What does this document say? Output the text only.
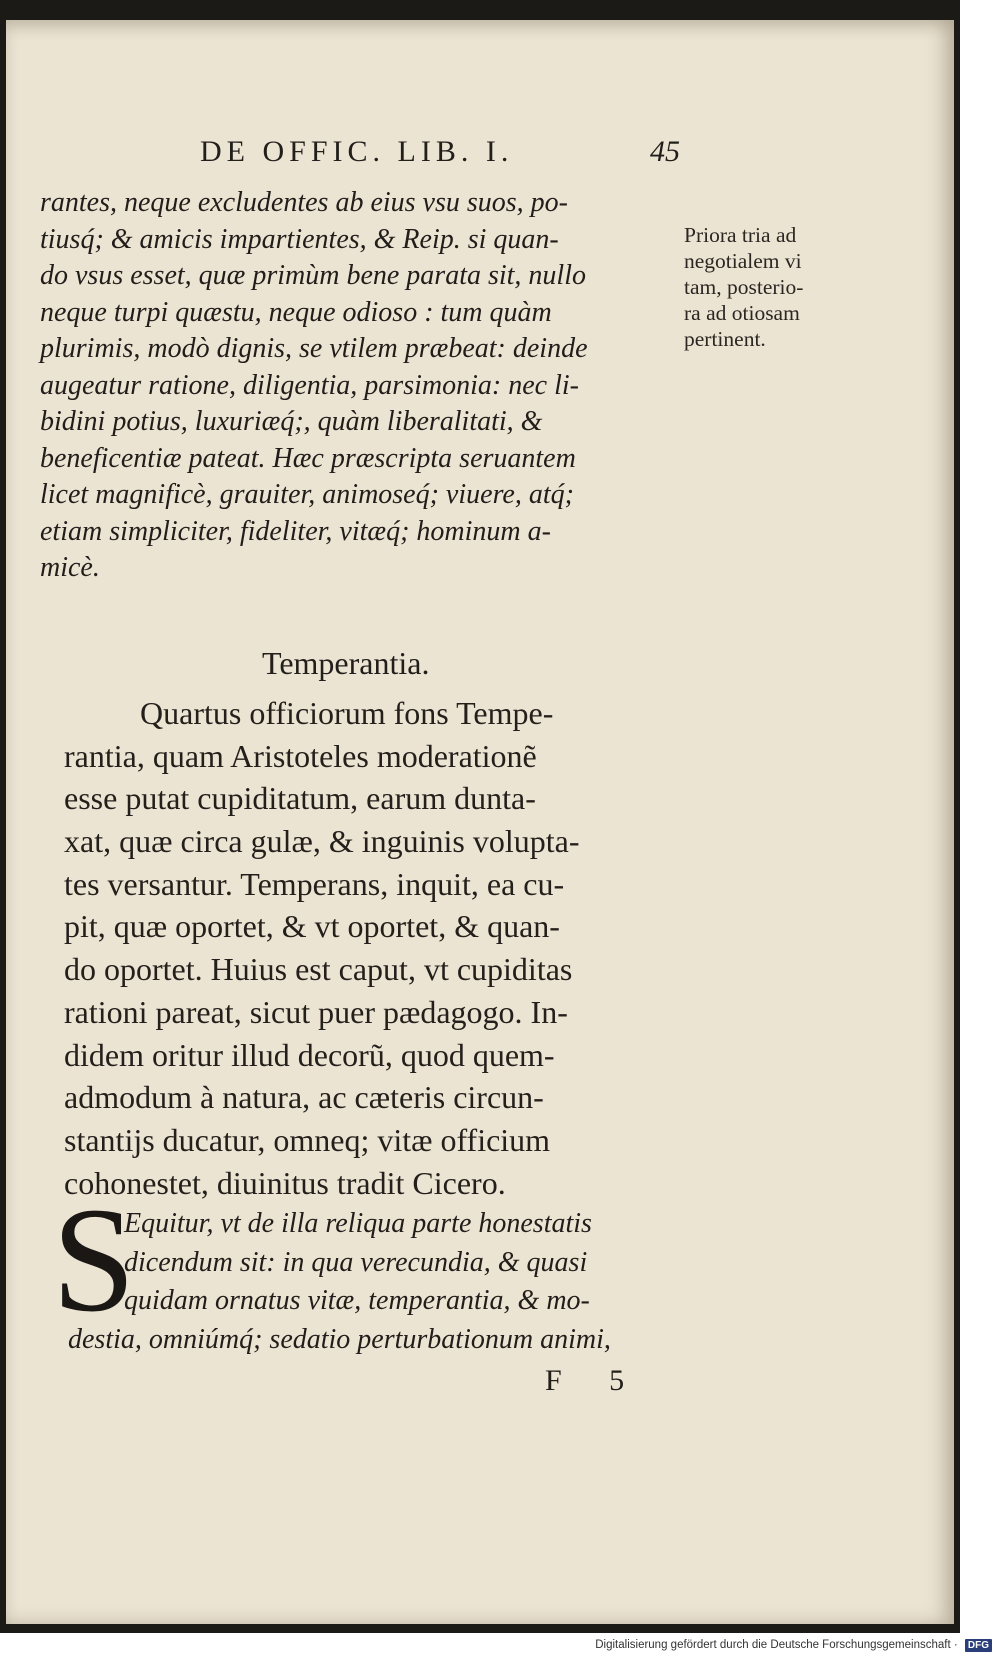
DE OFFIC. LIB. I.	45
rantes, neque excludentes ab eius vsu suos, po-
tiusq́; & amicis impartientes, & Reip. si quan-
do vsus esset, quæ primùm bene parata sit, nullo
neque turpi quæstu, neque odioso : tum quàm
plurimis, modò dignis, se vtilem præbeat: deinde
augeatur ratione, diligentia, parsimonia: nec li-
bidini potius, luxuriæq́;, quàm liberalitati, &
beneficentiæ pateat. Hæc præscripta seruantem
licet magnificè, grauiter, animoseq́; viuere, atq́;
etiam simpliciter, fideliter, vitæq́; hominum a-
micè.
Priora tria ad
negotialem vi
tam, posterio-
ra ad otiosam
pertinent.
Temperantia.
Quartus officiorum fons Tempe-
rantia, quam Aristoteles moderationẽ
esse putat cupiditatum, earum dunta-
xat, quæ circa gulæ, & inguinis volupta-
tes versantur. Temperans, inquit, ea cu-
pit, quæ oportet, & vt oportet, & quan-
do oportet. Huius est caput, vt cupiditas
rationi pareat, sicut puer pædagogo. In-
didem oritur illud decorũ, quod quem-
admodum à natura, ac cæteris circun-
stantijs ducatur, omneq; vitæ officium
cohonestet, diuinitus tradit Cicero.
S
Equitur, vt de illa reliqua parte honestatis
dicendum sit: in qua verecundia, & quasi
quidam ornatus vitæ, temperantia, & mo-
destia, omniúmq́; sedatio perturbationum animi,
F 5
Digitalisierung gefördert durch die Deutsche Forschungsgemeinschaft · DFG
